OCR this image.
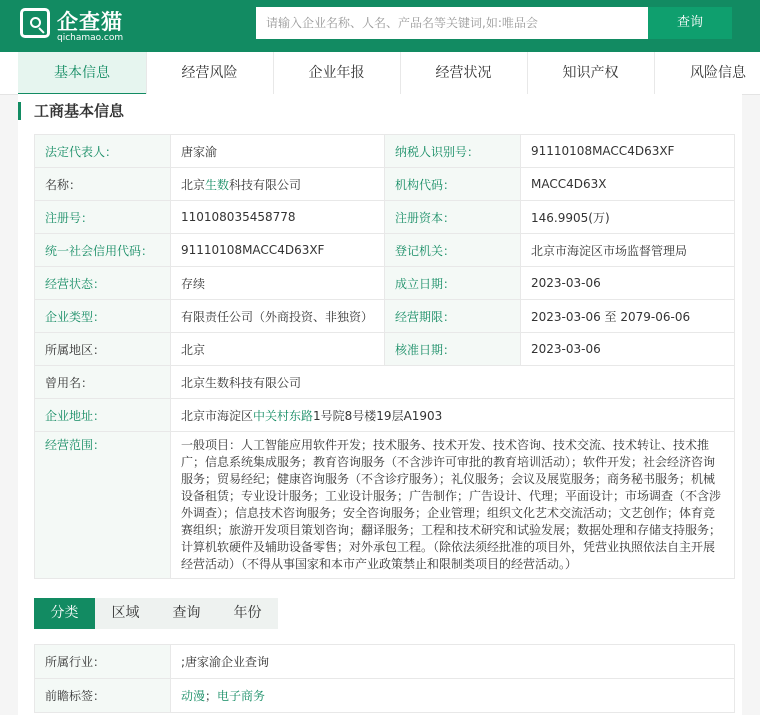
企查猫
qichamao.com
请输入企业名称、人名、产品名等关键词,如:唯品会
查询
基本信息	经营风险	企业年报	经营状况	知识产权	风险信息
工商基本信息
法定代表人：	唐家渝	纳税人识别号：	91110108MACC4D63XF
名称：	北京生数科技有限公司	机构代码：	MACC4D63X
注册号：	110108035458778	注册资本：	146.9905(万)
统一社会信用代码：	91110108MACC4D63XF	登记机关：	北京市海淀区市场监督管理局
经营状态：	存续	成立日期：	2023-03-06
企业类型：	有限责任公司（外商投资、非独资）	经营期限：	2023-03-06 至 2079-06-06
所属地区：	北京	核准日期：	2023-03-06
曾用名：	北京生数科技有限公司		
企业地址：	北京市海淀区中关村东路1号院8号楼19层A1903		
经营范围：	一般项目：人工智能应用软件开发；技术服务、技术开发、技术咨询、技术交流、技术转让、技术推广；信息系统集成服务；教育咨询服务（不含涉许可审批的教育培训活动）；软件开发；社会经济咨询服务；贸易经纪；健康咨询服务（不含诊疗服务）；礼仪服务；会议及展览服务；商务秘书服务；机械设备租赁；专业设计服务；工业设计服务；广告制作；广告设计、代理；平面设计；市场调查（不含涉外调查）；信息技术咨询服务；安全咨询服务；企业管理；组织文化艺术交流活动；文艺创作；体育竞赛组织；旅游开发项目策划咨询；翻译服务；工程和技术研究和试验发展；数据处理和存储支持服务；计算机软硬件及辅助设备零售；对外承包工程。（除依法须经批准的项目外，凭营业执照依法自主开展经营活动）（不得从事国家和本市产业政策禁止和限制类项目的经营活动。）		
分类	区域	查询	年份
所属行业：	;唐家渝企业查询
前瞻标签：	动漫；电子商务
